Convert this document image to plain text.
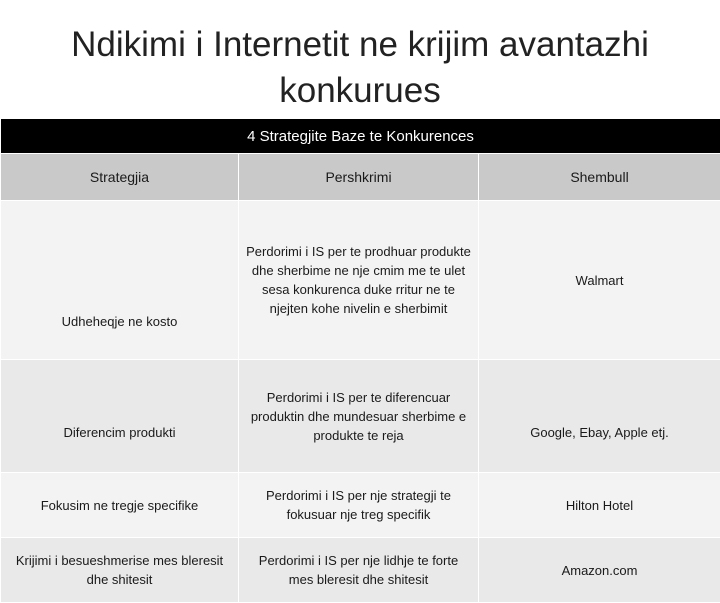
Ndikimi i Internetit ne krijim avantazhi konkurues
4 Strategjite Baze te Konkurences		
Strategjia	Pershkrimi	Shembull
Udheheqje ne kosto	Perdorimi i IS per te prodhuar produkte dhe sherbime ne nje cmim me te ulet sesa konkurenca duke rritur ne te njejten kohe nivelin e sherbimit	Walmart
Diferencim produkti	Perdorimi i IS per te diferencuar produktin dhe mundesuar sherbime e produkte te reja	Google, Ebay, Apple etj.
Fokusim ne tregje specifike	Perdorimi i IS per nje strategji te fokusuar nje treg specifik	Hilton Hotel
Krijimi i besueshmerise mes bleresit dhe shitesit	Perdorimi i IS per nje lidhje te forte mes bleresit dhe shitesit	Amazon.com
